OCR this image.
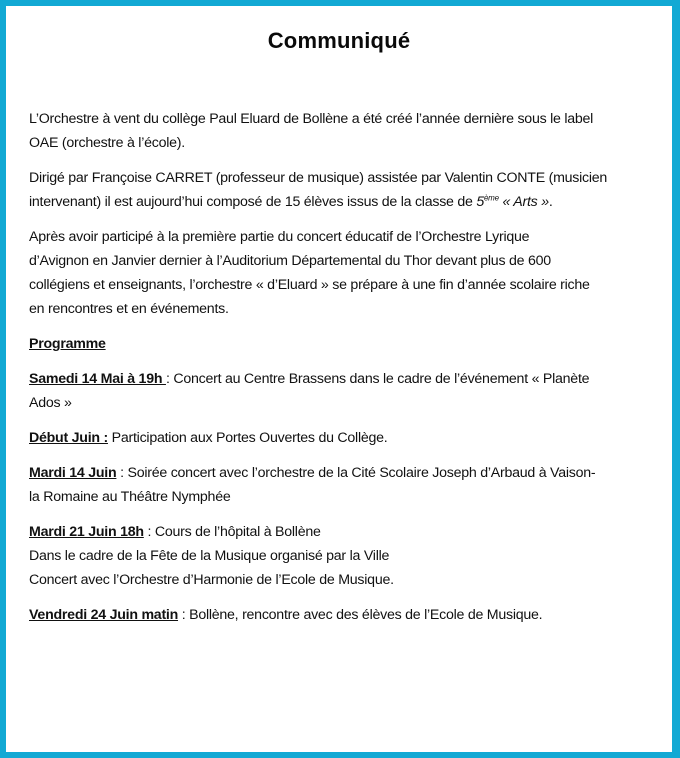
Communiqué

L’Orchestre à vent du collège Paul Eluard de Bollène a été créé l’année dernière sous le label
OAE (orchestre à l’école).

Dirigé par Françoise CARRET (professeur de musique) assistée par Valentin CONTE (musicien
intervenant) il est aujourd’hui composé de 15 élèves issus de la classe de 5ème « Arts ».

Après avoir participé à la première partie du concert éducatif de l’Orchestre Lyrique
d’Avignon en Janvier dernier à l’Auditorium Départemental du Thor devant plus de 600
collégiens et enseignants, l’orchestre « d’Eluard » se prépare à une fin d’année scolaire riche
en rencontres et en événements.

Programme
Samedi 14 Mai à 19h : Concert au Centre Brassens dans le cadre de l’événement « Planète
Ados »
Début Juin : Participation aux Portes Ouvertes du Collège.
Mardi 14 Juin : Soirée concert avec l’orchestre de la Cité Scolaire Joseph d’Arbaud à Vaison-
la Romaine au Théâtre Nymphée
Mardi 21 Juin 18h : Cours de l’hôpital à Bollène
Dans le cadre de la Fête de la Musique organisé par la Ville
Concert avec l’Orchestre d’Harmonie de l’Ecole de Musique.
Vendredi 24 Juin matin : Bollène, rencontre avec des élèves de l’Ecole de Musique.
